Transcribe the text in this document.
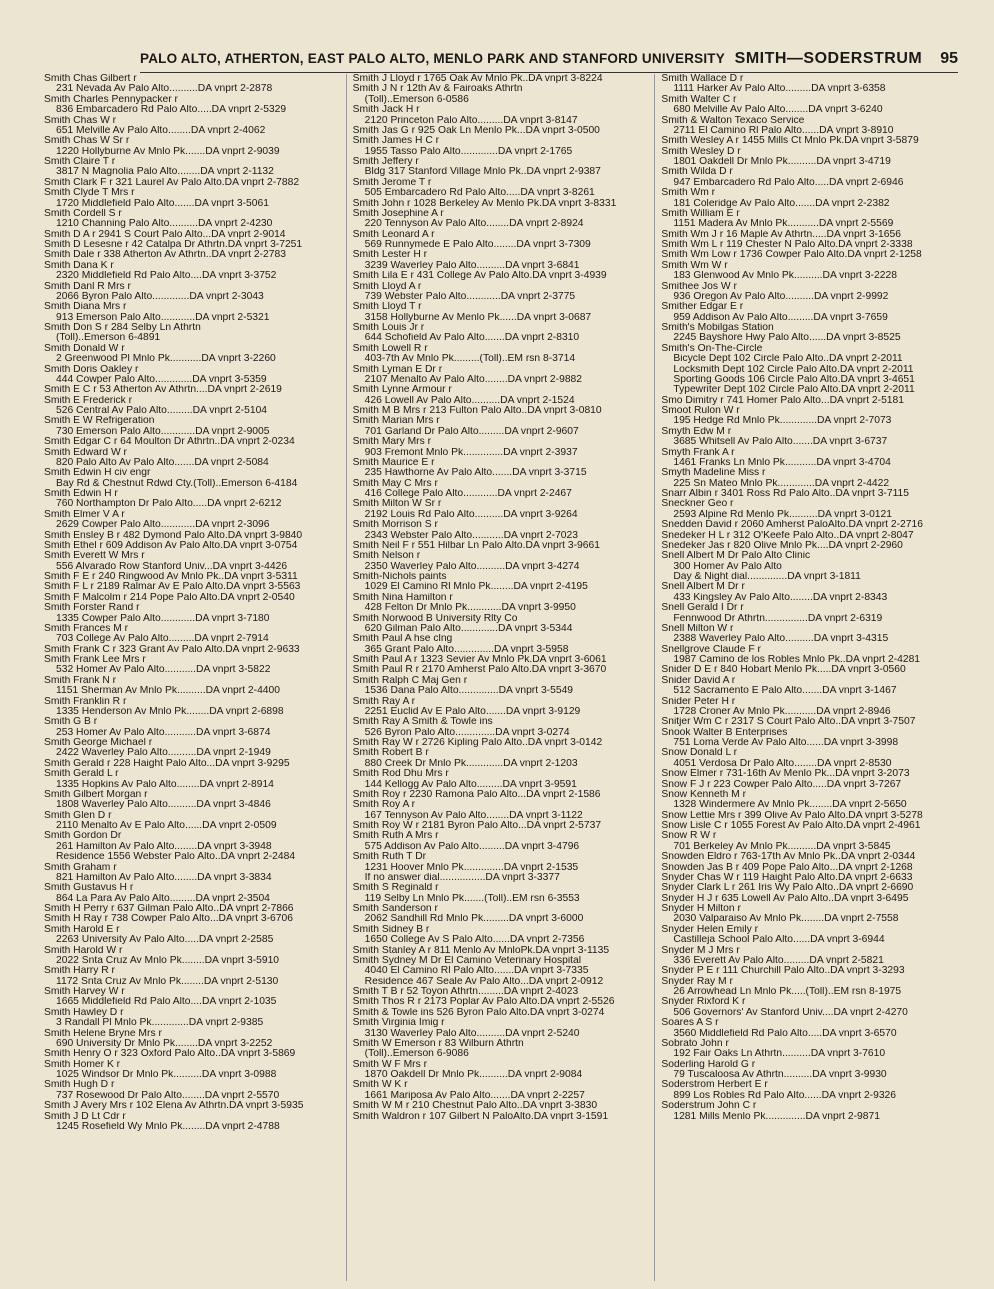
PALO ALTO, ATHERTON, EAST PALO ALTO, MENLO PARK AND STANFORD UNIVERSITY SMITH—SODERSTRUM 95
Smith Chas Gilbert r
231 Nevada Av Palo Alto..........DA vnprt 2-2878
Smith Charles Pennypacker r
836 Embarcadero Rd Palo Alto.....DA vnprt 2-5329
Smith Chas W r
651 Melville Av Palo Alto........DA vnprt 2-4062
Smith Chas W Sr r
1220 Hollyburne Av Mnlo Pk.......DA vnprt 2-9039
Smith Claire T r
3817 N Magnolia Palo Alto........DA vnprt 2-1132
Smith Clark F r 321 Laurel Av Palo Alto.DA vnprt 2-7882
Smith Clyde T Mrs r
1720 Middlefield Palo Alto.......DA vnprt 3-5061
Smith Cordell S r
1210 Channing Palo Alto..........DA vnprt 2-4230
Smith D A r 2941 S Court Palo Alto...DA vnprt 2-9014
Smith D Lesesne r 42 Catalpa Dr Athrtn.DA vnprt 3-7251
Smith Dale r 338 Atherton Av Athrtn..DA vnprt 2-2783
Smith Dana K r
2320 Middlefield Rd Palo Alto....DA vnprt 3-3752
Smith Danl R Mrs r
2066 Byron Palo Alto.............DA vnprt 2-3043
Smith Diana Mrs r
913 Emerson Palo Alto............DA vnprt 2-5321
Smith Don S r 284 Selby Ln Athrtn
(Toll)..Emerson 6-4891
Smith Donald W r
2 Greenwood Pl Mnlo Pk...........DA vnprt 3-2260
Smith Doris Oakley r
444 Cowper Palo Alto.............DA vnprt 3-5359
Smith E C r 53 Atherton Av Athrtn....DA vnprt 2-2619
Smith E Frederick r
526 Central Av Palo Alto.........DA vnprt 2-5104
Smith E W Refrigeration
730 Emerson Palo Alto............DA vnprt 2-9005
Smith Edgar C r 64 Moulton Dr Athrtn..DA vnprt 2-0234
Smith Edward W r
820 Palo Alto Av Palo Alto.......DA vnprt 2-5084
Smith Edwin H civ engr
Bay Rd & Chestnut Rdwd Cty.(Toll)..Emerson 6-4184
Smith Edwin H r
760 Northampton Dr Palo Alto.....DA vnprt 2-6212
Smith Elmer V A r
2629 Cowper Palo Alto............DA vnprt 2-3096
Smith Ensley B r 482 Dymond Palo Alto.DA vnprt 3-9840
Smith Ethel r 609 Addison Av Palo Alto.DA vnprt 3-0754
Smith Everett W Mrs r
556 Alvarado Row Stanford Univ...DA vnprt 3-4426
Smith F E r 240 Ringwood Av Mnlo Pk..DA vnprt 3-5311
Smith F L r 2189 Ralmar Av E Palo Alto.DA vnprt 3-5563
Smith F Malcolm r 214 Pope Palo Alto.DA vnprt 2-0540
Smith Forster Rand r
1335 Cowper Palo Alto............DA vnprt 3-7180
Smith Frances M r
703 College Av Palo Alto.........DA vnprt 2-7914
Smith Frank C r 323 Grant Av Palo Alto.DA vnprt 2-9633
Smith Frank Lee Mrs r
532 Homer Av Palo Alto...........DA vnprt 3-5822
Smith Frank N r
1151 Sherman Av Mnlo Pk..........DA vnprt 2-4400
Smith Franklin R r
1335 Henderson Av Mnlo Pk........DA vnprt 2-6898
Smith G B r
253 Homer Av Palo Alto...........DA vnprt 3-6874
Smith George Michael r
2422 Waverley Palo Alto..........DA vnprt 2-1949
Smith Gerald r 228 Haight Palo Alto...DA vnprt 3-9295
Smith Gerald L r
1335 Hopkins Av Palo Alto........DA vnprt 2-8914
Smith Gilbert Morgan r
1808 Waverley Palo Alto..........DA vnprt 3-4846
Smith Glen D r
2110 Menalto Av E Palo Alto......DA vnprt 2-0509
Smith Gordon Dr
261 Hamilton Av Palo Alto........DA vnprt 3-3948
Residence 1556 Webster Palo Alto..DA vnprt 2-2484
Smith Graham r
821 Hamilton Av Palo Alto........DA vnprt 3-3834
Smith Gustavus H r
864 La Para Av Palo Alto.........DA vnprt 2-3504
Smith H Perry r 637 Gilman Palo Alto..DA vnprt 2-7866
Smith H Ray r 738 Cowper Palo Alto...DA vnprt 3-6706
Smith Harold E r
2263 University Av Palo Alto.....DA vnprt 2-2585
Smith Harold W r
2022 Snta Cruz Av Mnlo Pk........DA vnprt 3-5910
Smith Harry R r
1172 Snta Cruz Av Mnlo Pk........DA vnprt 2-5130
Smith Harvey W r
1665 Middlefield Rd Palo Alto....DA vnprt 2-1035
Smith Hawley D r
3 Randall Pl Mnlo Pk.............DA vnprt 2-9385
Smith Helene Bryne Mrs r
690 University Dr Mnlo Pk........DA vnprt 3-2252
Smith Henry O r 323 Oxford Palo Alto..DA vnprt 3-5869
Smith Homer K r
1025 Windsor Dr Mnlo Pk..........DA vnprt 3-0988
Smith Hugh D r
737 Rosewood Dr Palo Alto........DA vnprt 2-5570
Smith J Avery Mrs r 102 Elena Av Athrtn.DA vnprt 3-5935
Smith J D Lt Cdr r
1245 Rosefield Wy Mnlo Pk........DA vnprt 2-4788
Smith J Lloyd r 1765 Oak Av Mnlo Pk..DA vnprt 3-8224
Smith J N r 12th Av & Fairoaks Athrtn
(Toll)..Emerson 6-0586
Smith Jack H r
2120 Princeton Palo Alto.........DA vnprt 3-8147
Smith Jas G r 925 Oak Ln Menlo Pk...DA vnprt 3-0500
Smith James H C r
1955 Tasso Palo Alto.............DA vnprt 2-1765
Smith Jeffery r
Bldg 317 Stanford Village Mnlo Pk..DA vnprt 2-9387
Smith Jerome T r
505 Embarcadero Rd Palo Alto.....DA vnprt 3-8261
Smith John r 1028 Berkeley Av Menlo Pk.DA vnprt 3-8331
Smith Josephine A r
220 Tennyson Av Palo Alto........DA vnprt 2-8924
Smith Leonard A r
569 Runnymede E Palo Alto........DA vnprt 3-7309
Smith Lester H r
3239 Waverley Palo Alto..........DA vnprt 3-6841
Smith Lila E r 431 College Av Palo Alto.DA vnprt 3-4939
Smith Lloyd A r
739 Webster Palo Alto............DA vnprt 2-3775
Smith Lloyd T r
3158 Hollyburne Av Menlo Pk......DA vnprt 3-0687
Smith Louis Jr r
644 Schofield Av Palo Alto.......DA vnprt 2-8310
Smith Lowell R r
403-7th Av Mnlo Pk.........(Toll)..EM rsn 8-3714
Smith Lyman E Dr r
2107 Menalto Av Palo Alto........DA vnprt 2-9882
Smith Lynne Armour r
426 Lowell Av Palo Alto..........DA vnprt 2-1524
Smith M B Mrs r 213 Fulton Palo Alto..DA vnprt 3-0810
Smith Marian Mrs r
701 Garland Dr Palo Alto.........DA vnprt 2-9607
Smith Mary Mrs r
903 Fremont Mnlo Pk..............DA vnprt 2-3937
Smith Maurice E r
235 Hawthorne Av Palo Alto.......DA vnprt 3-3715
Smith May C Mrs r
416 College Palo Alto............DA vnprt 2-2467
Smith Milton W Sr r
2192 Louis Rd Palo Alto..........DA vnprt 3-9264
Smith Morrison S r
2343 Webster Palo Alto...........DA vnprt 2-7023
Smith Neil F r 551 Hilbar Ln Palo Alto.DA vnprt 3-9661
Smith Nelson r
2350 Waverley Palo Alto..........DA vnprt 3-4274
Smith-Nichols paints
1029 El Camino Rl Mnlo Pk........DA vnprt 2-4195
Smith Nina Hamilton r
428 Felton Dr Mnlo Pk............DA vnprt 3-9950
Smith Norwood B University Rlty Co
620 Gilman Palo Alto.............DA vnprt 3-5344
Smith Paul A hse clng
365 Grant Palo Alto..............DA vnprt 3-5958
Smith Paul A r 1323 Sevier Av Mnlo Pk.DA vnprt 3-6061
Smith Paul R r 2170 Amherst Palo Alto.DA vnprt 3-3670
Smith Ralph C Maj Gen r
1536 Dana Palo Alto..............DA vnprt 3-5549
Smith Ray A r
2251 Euclid Av E Palo Alto.......DA vnprt 3-9129
Smith Ray A Smith & Towle ins
526 Byron Palo Alto..............DA vnprt 3-0274
Smith Ray W r 2726 Kipling Palo Alto..DA vnprt 3-0142
Smith Robert B r
880 Creek Dr Mnlo Pk.............DA vnprt 2-1203
Smith Rod Dhu Mrs r
144 Kellogg Av Palo Alto.........DA vnprt 3-9591
Smith Roy r 2230 Ramona Palo Alto...DA vnprt 2-1586
Smith Roy A r
167 Tennyson Av Palo Alto........DA vnprt 3-1122
Smith Roy W r 2181 Byron Palo Alto...DA vnprt 2-5737
Smith Ruth A Mrs r
575 Addison Av Palo Alto.........DA vnprt 3-4796
Smith Ruth T Dr
1231 Hoover Mnlo Pk..............DA vnprt 2-1535
If no answer dial................DA vnprt 3-3377
Smith S Reginald r
119 Selby Ln Mnlo Pk.......(Toll)..EM rsn 6-3553
Smith Sanderson r
2062 Sandhill Rd Mnlo Pk.........DA vnprt 3-6000
Smith Sidney B r
1650 College Av S Palo Alto......DA vnprt 2-7356
Smith Stanley A r 811 Menlo Av MnloPk.DA vnprt 3-1135
Smith Sydney M Dr El Camino Veterinary Hospital
4040 El Camino Rl Palo Alto.......DA vnprt 3-7335
Residence 467 Seale Av Palo Alto...DA vnprt 2-0912
Smith T B r 52 Toyon Athrtn.........DA vnprt 2-4023
Smith Thos R r 2173 Poplar Av Palo Alto.DA vnprt 2-5526
Smith & Towle ins 526 Byron Palo Alto.DA vnprt 3-0274
Smith Virginia Imig r
3130 Waverley Palo Alto..........DA vnprt 2-5240
Smith W Emerson r 83 Wilburn Athrtn
(Toll)..Emerson 6-9086
Smith W F Mrs r
1870 Oakdell Dr Mnlo Pk..........DA vnprt 2-9084
Smith W K r
1661 Mariposa Av Palo Alto.......DA vnprt 2-2257
Smith W M r 210 Chestnut Palo Alto..DA vnprt 3-3830
Smith Waldron r 107 Gilbert N PaloAlto.DA vnprt 3-1591
Smith Wallace D r
1111 Harker Av Palo Alto.........DA vnprt 3-6358
Smith Walter C r
680 Melville Av Palo Alto........DA vnprt 3-6240
Smith & Walton Texaco Service
2711 El Camino Rl Palo Alto......DA vnprt 3-8910
Smith Wesley A r 1455 Mills Ct Mnlo Pk.DA vnprt 3-5879
Smith Wesley D r
1801 Oakdell Dr Mnlo Pk..........DA vnprt 3-4719
Smith Wilda D r
947 Embarcadero Rd Palo Alto.....DA vnprt 2-6946
Smith Wm r
181 Coleridge Av Palo Alto.......DA vnprt 2-2382
Smith William E r
1151 Madera Av Mnlo Pk...........DA vnprt 2-5569
Smith Wm J r 16 Maple Av Athrtn.....DA vnprt 3-1656
Smith Wm L r 119 Chester N Palo Alto.DA vnprt 2-3338
Smith Wm Low r 1736 Cowper Palo Alto.DA vnprt 2-1258
Smith Wm W r
183 Glenwood Av Mnlo Pk..........DA vnprt 3-2228
Smithee Jos W r
936 Oregon Av Palo Alto..........DA vnprt 2-9992
Smither Edgar E r
959 Addison Av Palo Alto.........DA vnprt 3-7659
Smith's Mobilgas Station
2245 Bayshore Hwy Palo Alto......DA vnprt 3-8525
Smith's On-The-Circle
Bicycle Dept 102 Circle Palo Alto..DA vnprt 2-2011
Locksmith Dept 102 Circle Palo Alto.DA vnprt 2-2011
Sporting Goods 106 Circle Palo Alto.DA vnprt 3-4651
Typewriter Dept 102 Circle Palo Alto.DA vnprt 2-2011
Smo Dimitry r 741 Homer Palo Alto...DA vnprt 2-5181
Smoot Rulon W r
195 Hedge Rd Mnlo Pk.............DA vnprt 2-7073
Smyth Edw M r
3685 Whitsell Av Palo Alto.......DA vnprt 3-6737
Smyth Frank A r
1461 Franks Ln Mnlo Pk...........DA vnprt 3-4704
Smyth Madeline Miss r
225 Sn Mateo Mnlo Pk.............DA vnprt 2-4422
Snarr Albin r 3401 Ross Rd Palo Alto..DA vnprt 3-7115
Sneckner Geo r
2593 Alpine Rd Menlo Pk..........DA vnprt 3-0121
Snedden David r 2060 Amherst PaloAlto.DA vnprt 2-2716
Snedeker H L r 312 O'Keefe Palo Alto..DA vnprt 2-8047
Snedeker Jas r 820 Olive Mnlo Pk....DA vnprt 2-2960
Snell Albert M Dr Palo Alto Clinic
300 Homer Av Palo Alto
Day & Night dial..............DA vnprt 3-1811
Snell Albert M Dr r
433 Kingsley Av Palo Alto........DA vnprt 2-8343
Snell Gerald I Dr r
Fennwood Dr Athrtn...............DA vnprt 2-6319
Snell Milton W r
2388 Waverley Palo Alto..........DA vnprt 3-4315
Snellgrove Claude F r
1987 Camino de los Robles Mnlo Pk..DA vnprt 2-4281
Snider D E r 840 Hobart Menlo Pk.....DA vnprt 3-0560
Snider David A r
512 Sacramento E Palo Alto.......DA vnprt 3-1467
Snider Peter H r
1728 Croner Av Mnlo Pk...........DA vnprt 2-8946
Snitjer Wm C r 2317 S Court Palo Alto..DA vnprt 3-7507
Snook Walter B Enterprises
751 Loma Verde Av Palo Alto......DA vnprt 3-3998
Snow Donald L r
4051 Verdosa Dr Palo Alto........DA vnprt 2-8530
Snow Elmer r 731-16th Av Menlo Pk...DA vnprt 3-2073
Snow F J r 223 Cowper Palo Alto.....DA vnprt 3-7267
Snow Kenneth M r
1328 Windermere Av Mnlo Pk........DA vnprt 2-5650
Snow Lettie Mrs r 399 Olive Av Palo Alto.DA vnprt 3-5278
Snow Lisle C r 1055 Forest Av Palo Alto.DA vnprt 2-4961
Snow R W r
701 Berkeley Av Mnlo Pk..........DA vnprt 3-5845
Snowden Eldro r 763-17th Av Mnlo Pk..DA vnprt 2-0344
Snowden Jas B r 409 Pope Palo Alto...DA vnprt 2-1268
Snyder Chas W r 119 Haight Palo Alto.DA vnprt 2-6633
Snyder Clark L r 261 Iris Wy Palo Alto..DA vnprt 2-6690
Snyder H J r 635 Lowell Av Palo Alto..DA vnprt 3-6495
Snyder H Milton r
2030 Valparaiso Av Mnlo Pk........DA vnprt 2-7558
Snyder Helen Emily r
Castilleja School Palo Alto......DA vnprt 3-6944
Snyder M J Mrs r
336 Everett Av Palo Alto.........DA vnprt 2-5821
Snyder P E r 111 Churchill Palo Alto..DA vnprt 3-3293
Snyder Ray M r
26 Arrowhead Ln Mnlo Pk.....(Toll)..EM rsn 8-1975
Snyder Rixford K r
506 Governors' Av Stanford Univ....DA vnprt 2-4270
Soares A S r
3560 Middlefield Rd Palo Alto.....DA vnprt 3-6570
Sobrato John r
192 Fair Oaks Ln Athrtn..........DA vnprt 3-7610
Soderling Harold G r
79 Tuscaloosa Av Athrtn..........DA vnprt 3-9930
Soderstrom Herbert E r
899 Los Robles Rd Palo Alto......DA vnprt 2-9326
Soderstrum John C r
1281 Mills Menlo Pk..............DA vnprt 2-9871
